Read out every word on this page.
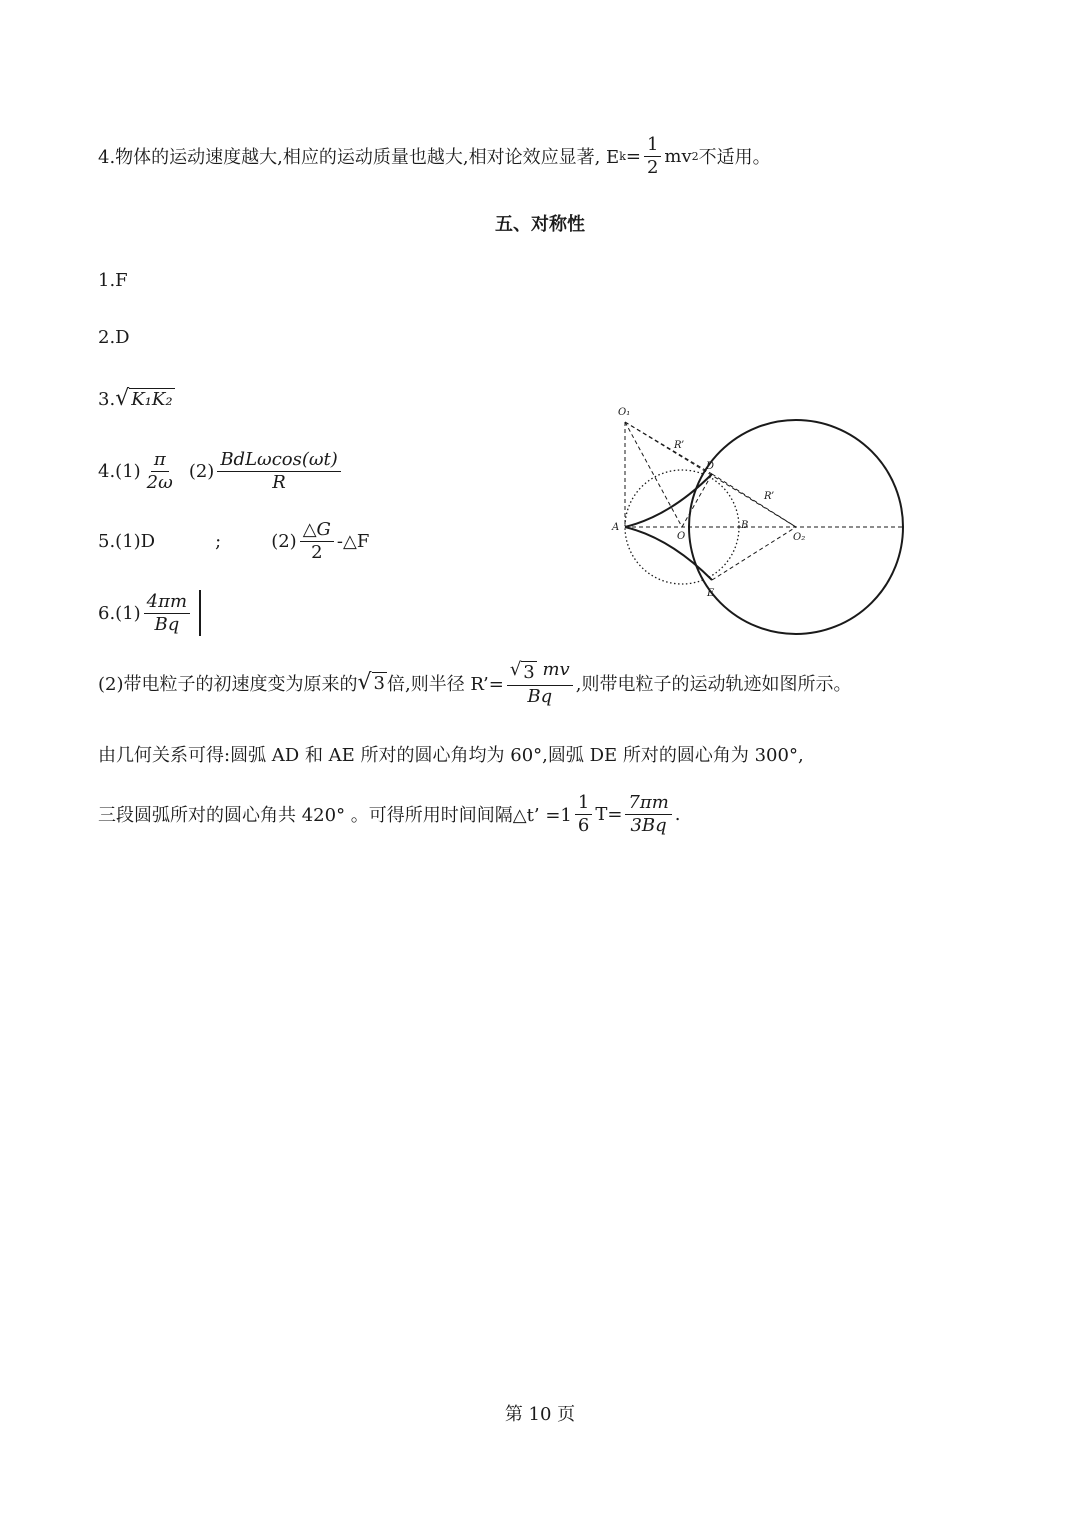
4.物体的运动速度越大,相应的运动质量也越大,相对论效应显著, E $k = \frac{1}{2}$ mv 2 不适用。
五、对称性
1.F
2.D
3. √ K₁K₂
$4.(1) \frac{\pi}{2\omega} (2) \frac{\text{BdLωcos(ωt)}}{R}$
5.(1)D	;	$(2) \frac{\triangle G}{2}$ -△F
$6.(1) \frac{4\pi m}{Bq}$
O₁
R’
D
R’
A
O
B
O₂
E
(2)带电粒子的初速度变为原来的 √ 3 倍,则半径 R’= $\frac{√ 3 mv}{Bq}$ ,则带电粒子的运动轨迹如图所示。
由几何关系可得:圆弧 AD 和 AE 所对的圆心角均为 60°,圆弧 DE 所对的圆心角为 300°,
三段圆弧所对的圆心角共 420° 。可得所用时间间隔△t’ $=1 \frac{1}{6} T= \frac{7\pi m}{3Bq}$ .
第 10 页
